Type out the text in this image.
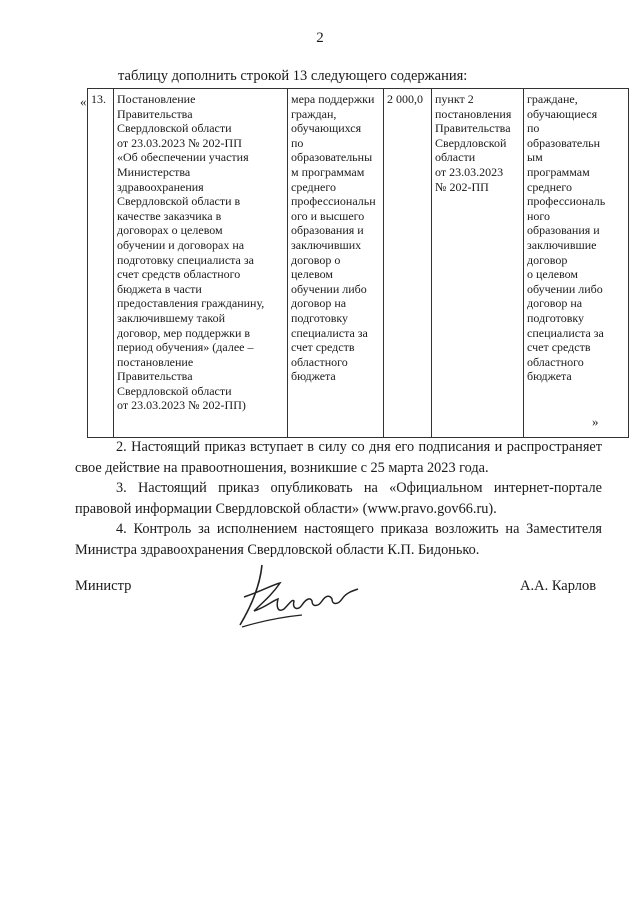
2
таблицу дополнить строкой 13 следующего содержания:
« 13.	Постановление
Правительства
Свердловской области
от 23.03.2023 № 202-ПП
«Об обеспечении участия
Министерства
здравоохранения
Свердловской области в
качестве заказчика в
договорах о целевом
обучении и договорах на
подготовку специалиста за
счет средств областного
бюджета в части
предоставления гражданину,
заключившему такой
договор, мер поддержки в
период обучения» (далее –
постановление
Правительства
Свердловской области
от 23.03.2023 № 202-ПП)	мера поддержки
граждан,
обучающихся
по
образовательны
м программам
среднего
профессиональн
ого и высшего
образования и
заключивших
договор о
целевом
обучении либо
договор на
подготовку
специалиста за
счет средств
областного
бюджета	2 000,0	пункт 2
постановления
Правительства
Свердловской
области
от 23.03.2023
№ 202-ПП	граждане,
обучающиеся
по
образовательн
ым
программам
среднего
профессиональ
ного
образования и
заключившие
договор
о целевом
обучении либо
договор на
подготовку
специалиста за
счет средств
областного
бюджета
»
2. Настоящий приказ вступает в силу со дня его подписания и распространяет свое действие на правоотношения, возникшие с 25 марта 2023 года.
3. Настоящий приказ опубликовать на «Официальном интернет-портале правовой информации Свердловской области» (www.pravo.gov66.ru).
4. Контроль за исполнением настоящего приказа возложить на Заместителя Министра здравоохранения Свердловской области К.П. Бидонько.
Министр	А.А. Карлов
